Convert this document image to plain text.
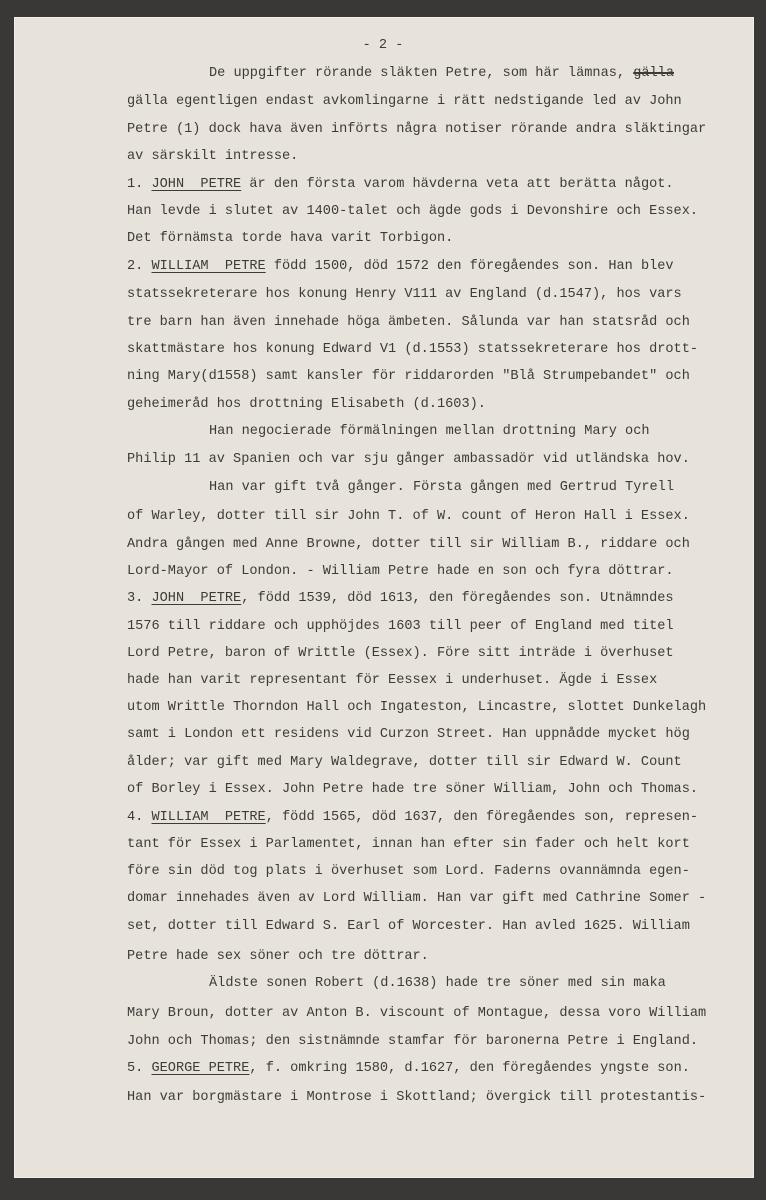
- 2 -
De uppgifter rörande släkten Petre, som här lämnas, gälla
gälla egentligen endast avkomlingarne i rätt nedstigande led av John
Petre (1) dock hava även införts några notiser rörande andra släktingar
av särskilt intresse.
1. JOHN  PETRE är den första varom hävderna veta att berätta något.
Han levde i slutet av 1400-talet och ägde gods i Devonshire och Essex.
Det förnämsta torde hava varit Torbigon.
2. WILLIAM  PETRE född 1500, död 1572 den föregåendes son. Han blev
statssekreterare hos konung Henry V111 av England (d.1547), hos vars
tre barn han även innehade höga ämbeten. Sålunda var han statsråd och
skattmästare hos konung Edward V1 (d.1553) statssekreterare hos drott-
ning Mary(d1558) samt kansler för riddarorden "Blå Strumpebandet" och
geheimeråd hos drottning Elisabeth (d.1603).
Han negocierade förmälningen mellan drottning Mary och
Philip 11 av Spanien och var sju gånger ambassadör vid utländska hov.
Han var gift två gånger. Första gången med Gertrud Tyrell
of Warley, dotter till sir John T. of W. count of Heron Hall i Essex.
Andra gången med Anne Browne, dotter till sir William B., riddare och
Lord-Mayor of London. - William Petre hade en son och fyra döttrar.
3. JOHN  PETRE, född 1539, död 1613, den föregåendes son. Utnämndes
1576 till riddare och upphöjdes 1603 till peer of England med titel
Lord Petre, baron of Writtle (Essex). Före sitt inträde i överhuset
hade han varit representant för Eessex i underhuset. Ägde i Essex
utom Writtle Thorndon Hall och Ingateston, Lincastre, slottet Dunkelagh
samt i London ett residens vid Curzon Street. Han uppnådde mycket hög
ålder; var gift med Mary Waldegrave, dotter till sir Edward W. Count
of Borley i Essex. John Petre hade tre söner William, John och Thomas.
4. WILLIAM  PETRE, född 1565, död 1637, den föregåendes son, represen-
tant för Essex i Parlamentet, innan han efter sin fader och helt kort
före sin död tog plats i överhuset som Lord. Faderns ovannämnda egen-
domar innehades även av Lord William. Han var gift med Cathrine Somer -
set, dotter till Edward S. Earl of Worcester. Han avled 1625. William
Petre hade sex söner och tre döttrar.
Äldste sonen Robert (d.1638) hade tre söner med sin maka
Mary Broun, dotter av Anton B. viscount of Montague, dessa voro William
John och Thomas; den sistnämnde stamfar för baronerna Petre i England.
5. GEORGE PETRE, f. omkring 1580, d.1627, den föregåendes yngste son.
Han var borgmästare i Montrose i Skottland; övergick till protestantis-
